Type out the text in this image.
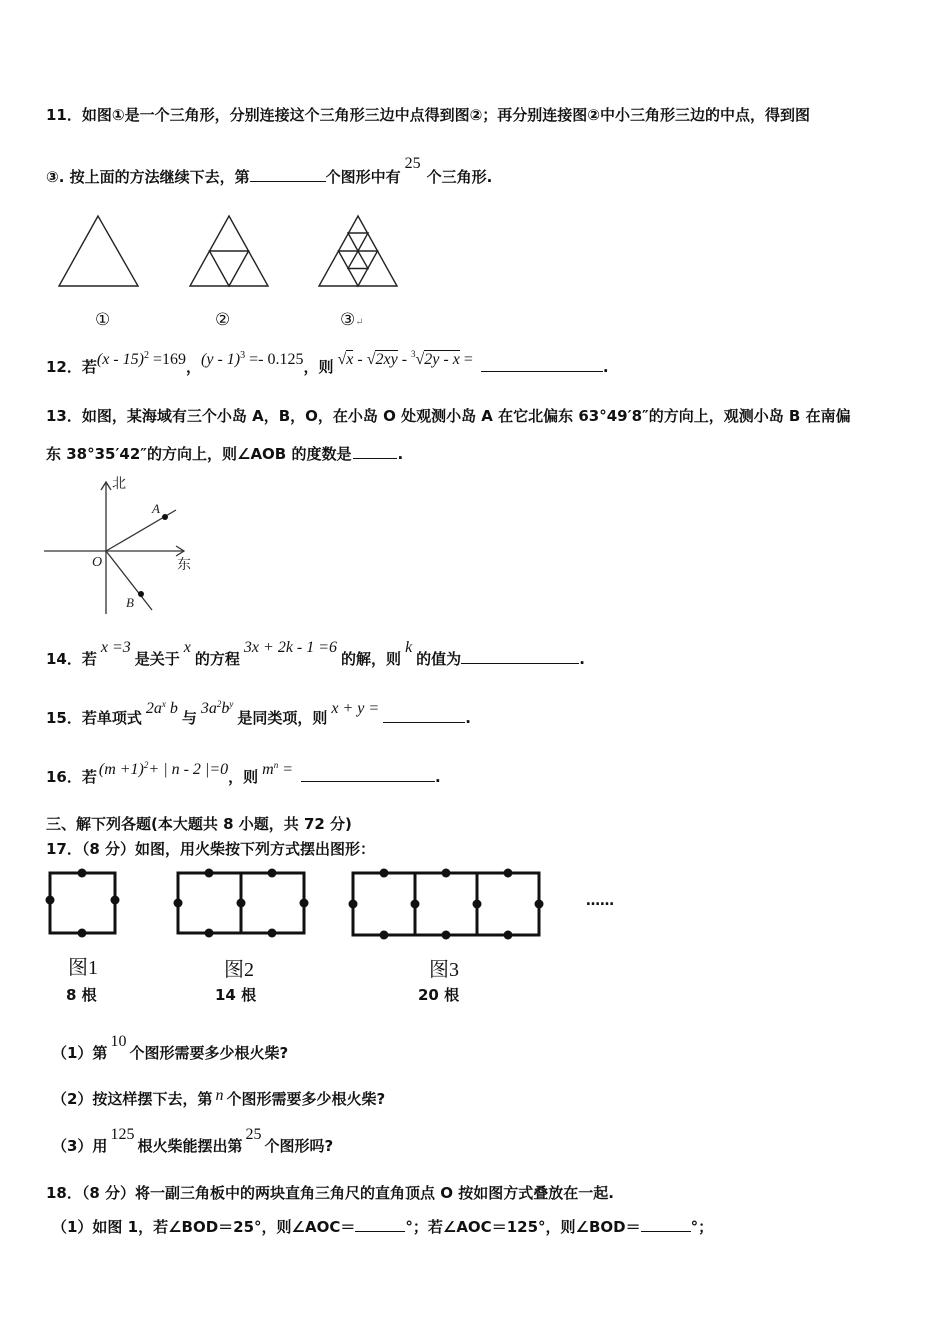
11．如图①是一个三角形，分别连接这个三角形三边中点得到图②；再分别连接图②中小三角形三边的中点，得到图
③. 按上面的方法继续下去，第	个图形中有25个三角形.
①	②	③↵
12．若(x - 15)$^2$ =169，(y - 1)$^3$ =- 0.125，则 √x - √2xy - $^3$√2y - x =	.
13．如图，某海域有三个小岛 A，B，O，在小岛 O 处观测小岛 A 在它北偏东 63°49′8″的方向上，观测小岛 B 在南偏
东 38°35′42″的方向上，则∠AOB 的度数是	.
北
东
O
A
B
14．若x =3是关于x的方程3x + 2k - 1 =6的解，则k的值为	.
15．若单项式$2a^x$ b与$3a^2b^y$是同类项，则x + y =.
16．若 $(m +1)^2+$ | n - 2 |=0，则 $m^n$ =	.
三、解下列各题(本大题共 8 小题，共 72 分)
17．（8 分）如图，用火柴按下列方式摆出图形：
……
图1	图2	图3
8 根	14 根	20 根
（1）第10个图形需要多少根火柴?
（2）按这样摆下去，第 n 个图形需要多少根火柴?
（3）用125根火柴能摆出第25个图形吗?
18．（8 分）将一副三角板中的两块直角三角尺的直角顶点 O 按如图方式叠放在一起.
（1）如图 1，若∠BOD＝25°，则∠AOC＝	°；若∠AOC＝125°，则∠BOD＝	°；
